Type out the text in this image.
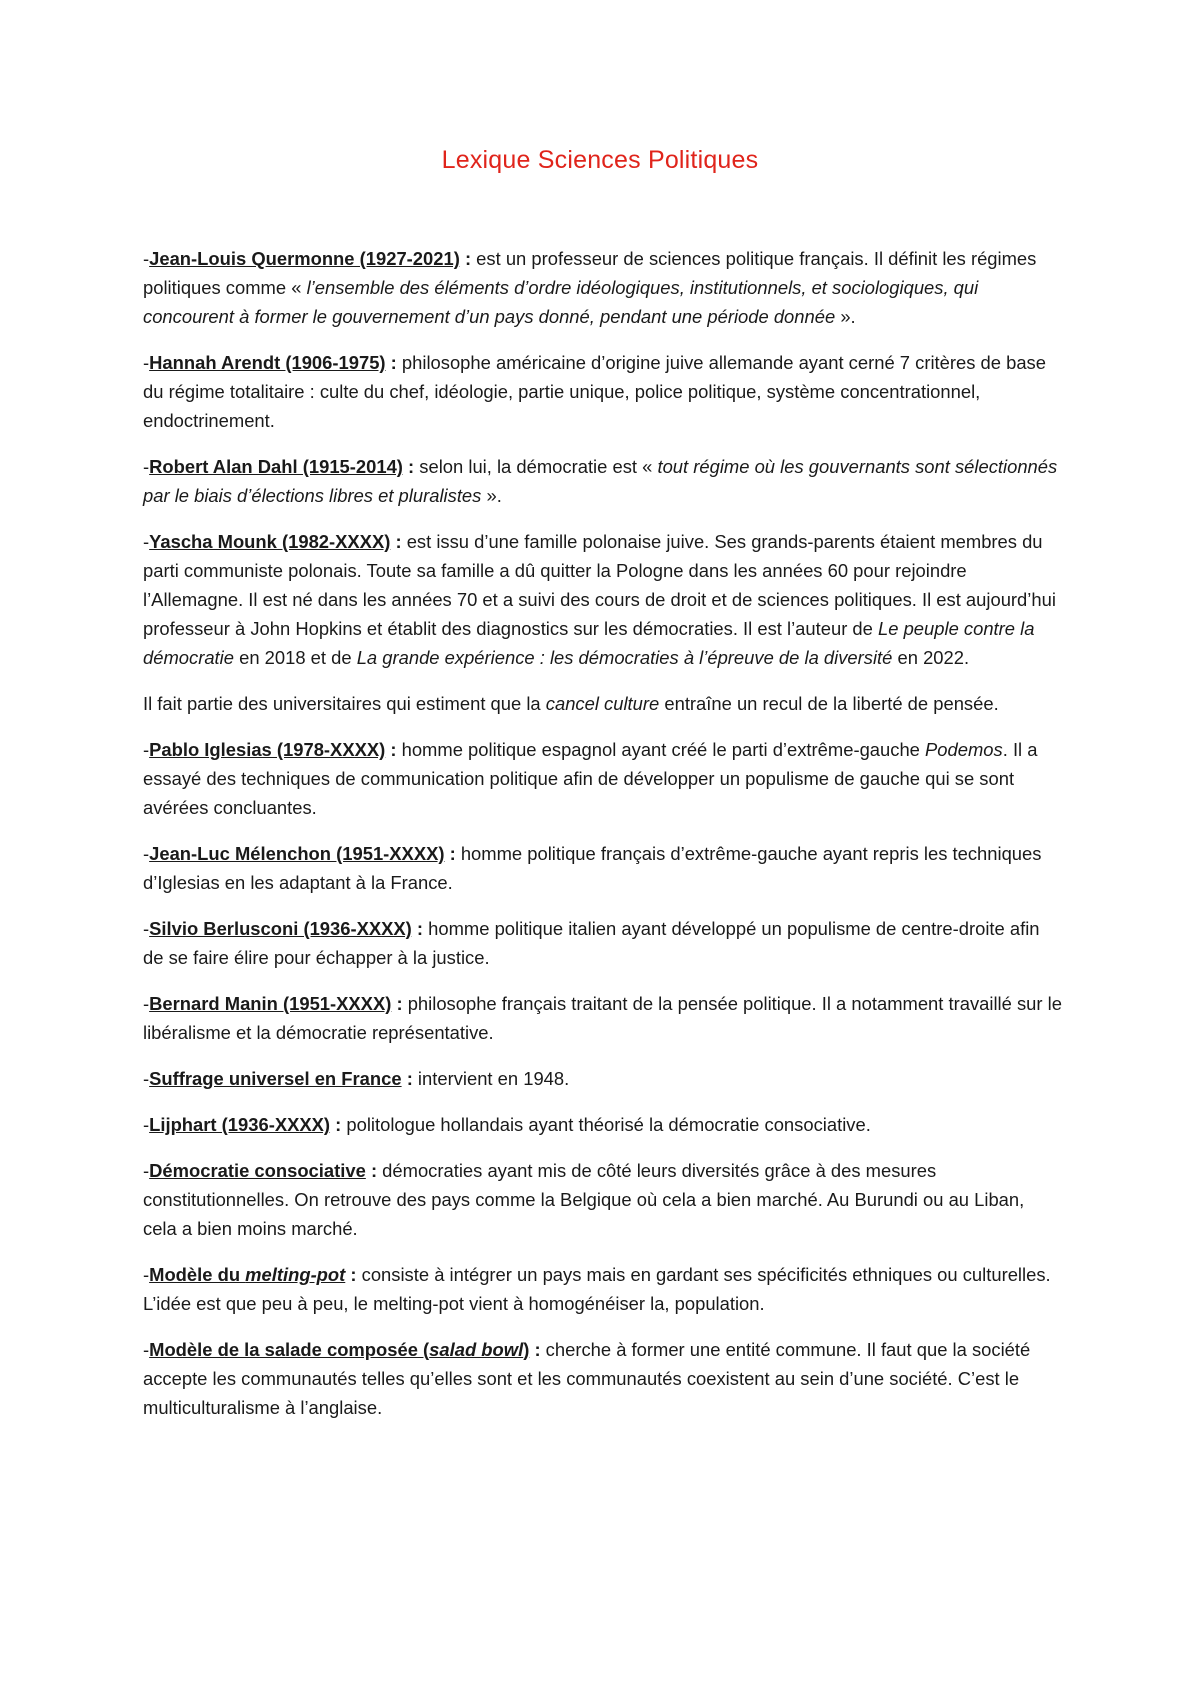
Lexique Sciences Politiques

-Jean-Louis Quermonne (1927-2021) : est un professeur de sciences politique français. Il définit les régimes politiques comme « l’ensemble des éléments d’ordre idéologiques, institutionnels, et sociologiques, qui concourent à former le gouvernement d’un pays donné, pendant une période donnée ».

-Hannah Arendt (1906-1975) : philosophe américaine d’origine juive allemande ayant cerné 7 critères de base du régime totalitaire : culte du chef, idéologie, partie unique, police politique, système concentrationnel, endoctrinement.

-Robert Alan Dahl (1915-2014) : selon lui, la démocratie est « tout régime où les gouvernants sont sélectionnés par le biais d’élections libres et pluralistes ».

-Yascha Mounk (1982-XXXX) : est issu d’une famille polonaise juive. Ses grands-parents étaient membres du parti communiste polonais. Toute sa famille a dû quitter la Pologne dans les années 60 pour rejoindre l’Allemagne. Il est né dans les années 70 et a suivi des cours de droit et de sciences politiques. Il est aujourd’hui professeur à John Hopkins et établit des diagnostics sur les démocraties. Il est l’auteur de Le peuple contre la démocratie en 2018 et de La grande expérience : les démocraties à l’épreuve de la diversité en 2022.

Il fait partie des universitaires qui estiment que la cancel culture entraîne un recul de la liberté de pensée.

-Pablo Iglesias (1978-XXXX) : homme politique espagnol ayant créé le parti d’extrême-gauche Podemos. Il a essayé des techniques de communication politique afin de développer un populisme de gauche qui se sont avérées concluantes.

-Jean-Luc Mélenchon (1951-XXXX) : homme politique français d’extrême-gauche ayant repris les techniques d’Iglesias en les adaptant à la France.

-Silvio Berlusconi (1936-XXXX) : homme politique italien ayant développé un populisme de centre-droite afin de se faire élire pour échapper à la justice.

-Bernard Manin (1951-XXXX) : philosophe français traitant de la pensée politique. Il a notamment travaillé sur le libéralisme et la démocratie représentative.

-Suffrage universel en France : intervient en 1948.

-Lijphart (1936-XXXX) : politologue hollandais ayant théorisé la démocratie consociative.

-Démocratie consociative : démocraties ayant mis de côté leurs diversités grâce à des mesures constitutionnelles. On retrouve des pays comme la Belgique où cela a bien marché. Au Burundi ou au Liban, cela a bien moins marché.

-Modèle du melting-pot : consiste à intégrer un pays mais en gardant ses spécificités ethniques ou culturelles. L’idée est que peu à peu, le melting-pot vient à homogénéiser la, population.

-Modèle de la salade composée (salad bowl) : cherche à former une entité commune. Il faut que la société accepte les communautés telles qu’elles sont et les communautés coexistent au sein d’une société. C’est le multiculturalisme à l’anglaise.
